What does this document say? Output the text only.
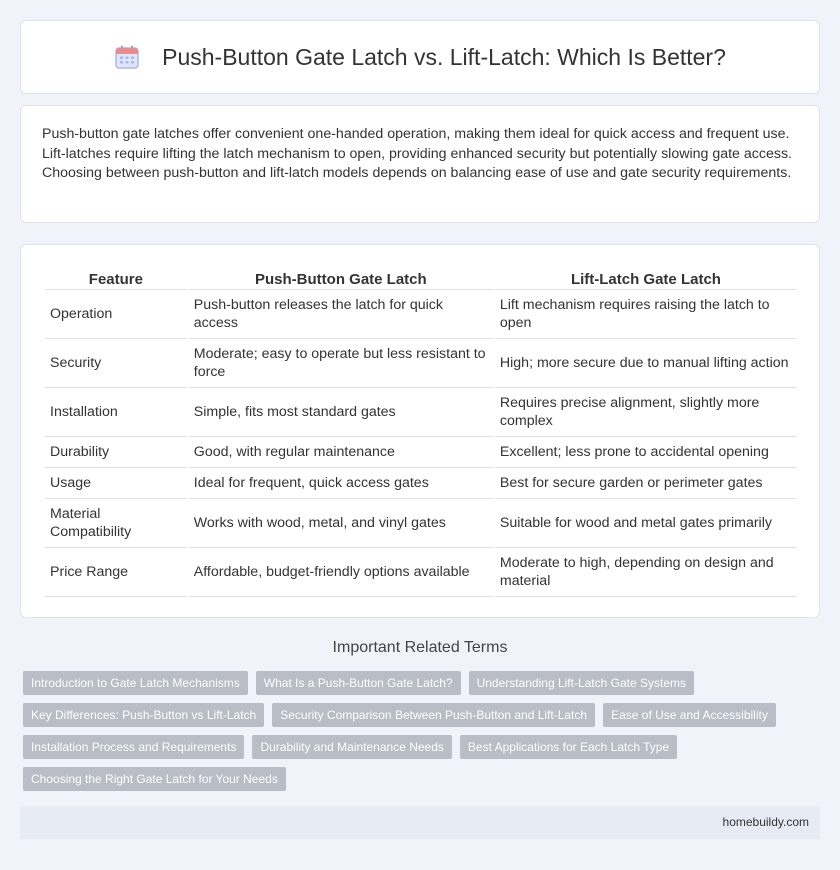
Push-Button Gate Latch vs. Lift-Latch: Which Is Better?

Push-button gate latches offer convenient one-handed operation, making them ideal for quick access and frequent use. Lift-latches require lifting the latch mechanism to open, providing enhanced security but potentially slowing gate access. Choosing between push-button and lift-latch models depends on balancing ease of use and gate security requirements.

Feature	Push-Button Gate Latch	Lift-Latch Gate Latch
Operation	Push-button releases the latch for quick access	Lift mechanism requires raising the latch to open
Security	Moderate; easy to operate but less resistant to force	High; more secure due to manual lifting action
Installation	Simple, fits most standard gates	Requires precise alignment, slightly more complex
Durability	Good, with regular maintenance	Excellent; less prone to accidental opening
Usage	Ideal for frequent, quick access gates	Best for secure garden or perimeter gates
Material Compatibility	Works with wood, metal, and vinyl gates	Suitable for wood and metal gates primarily
Price Range	Affordable, budget-friendly options available	Moderate to high, depending on design and material
Important Related Terms
Introduction to Gate Latch Mechanisms	What Is a Push-Button Gate Latch?	Understanding Lift-Latch Gate Systems
Key Differences: Push-Button vs Lift-Latch	Security Comparison Between Push-Button and Lift-Latch	Ease of Use and Accessibility
Installation Process and Requirements	Durability and Maintenance Needs	Best Applications for Each Latch Type
Choosing the Right Gate Latch for Your Needs
homebuildy.com
